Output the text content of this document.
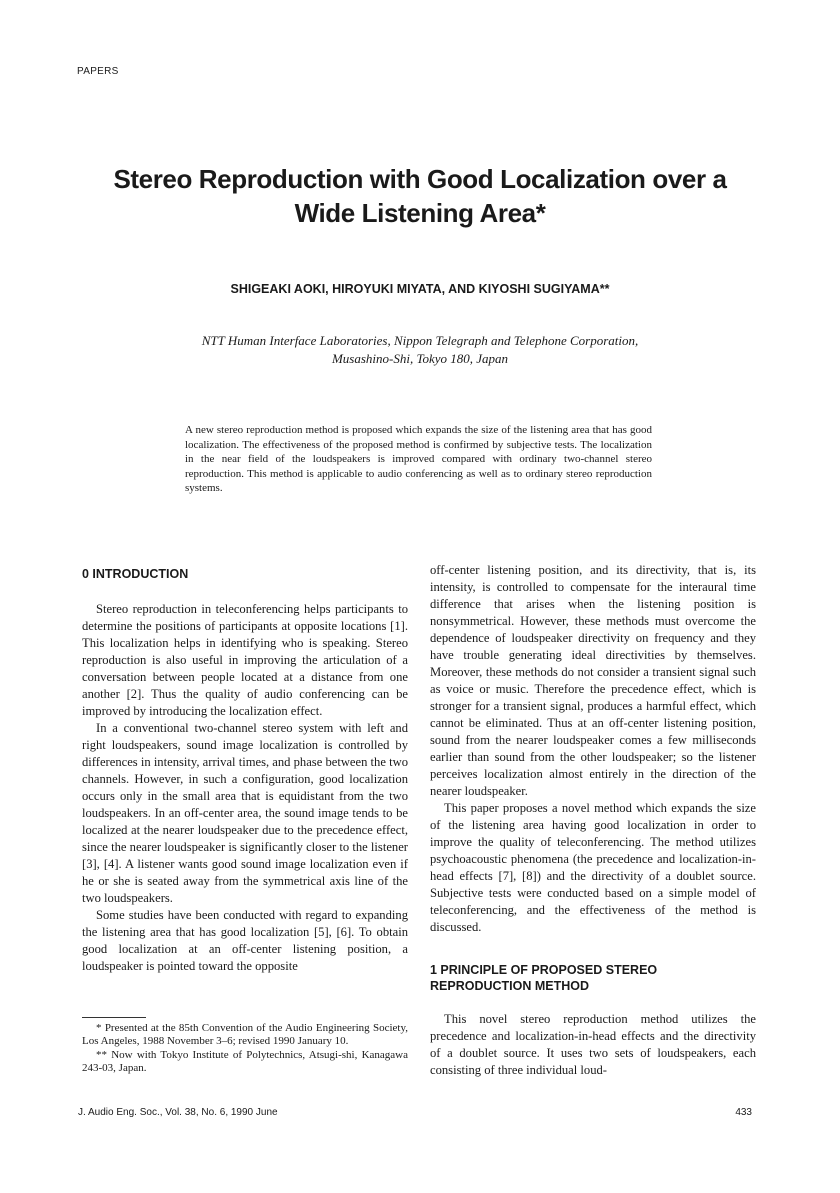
PAPERS
Stereo Reproduction with Good Localization over a Wide Listening Area*
SHIGEAKI AOKI, HIROYUKI MIYATA, AND KIYOSHI SUGIYAMA**
NTT Human Interface Laboratories, Nippon Telegraph and Telephone Corporation,
Musashino-Shi, Tokyo 180, Japan

A new stereo reproduction method is proposed which expands the size of the listening area that has good localization. The effectiveness of the proposed method is confirmed by subjective tests. The localization in the near field of the loudspeakers is improved compared with ordinary two-channel stereo reproduction. This method is applicable to audio conferencing as well as to ordinary stereo reproduction systems.

0 INTRODUCTION

Stereo reproduction in teleconferencing helps participants to determine the positions of participants at opposite locations [1]. This localization helps in identifying who is speaking. Stereo reproduction is also useful in improving the articulation of a conversation between people located at a distance from one another [2]. Thus the quality of audio conferencing can be improved by introducing the localization effect.

In a conventional two-channel stereo system with left and right loudspeakers, sound image localization is controlled by differences in intensity, arrival times, and phase between the two channels. However, in such a configuration, good localization occurs only in the small area that is equidistant from the two loudspeakers. In an off-center area, the sound image tends to be localized at the nearer loudspeaker due to the precedence effect, since the nearer loudspeaker is significantly closer to the listener [3], [4]. A listener wants good sound image localization even if he or she is seated away from the symmetrical axis line of the two loudspeakers.

Some studies have been conducted with regard to expanding the listening area that has good localization [5], [6]. To obtain good localization at an off-center listening position, a loudspeaker is pointed toward the opposite

* Presented at the 85th Convention of the Audio Engineering Society, Los Angeles, 1988 November 3–6; revised 1990 January 10.

** Now with Tokyo Institute of Polytechnics, Atsugi-shi, Kanagawa 243-03, Japan.

off-center listening position, and its directivity, that is, its intensity, is controlled to compensate for the interaural time difference that arises when the listening position is nonsymmetrical. However, these methods must overcome the dependence of loudspeaker directivity on frequency and they have trouble generating ideal directivities by themselves. Moreover, these methods do not consider a transient signal such as voice or music. Therefore the precedence effect, which is stronger for a transient signal, produces a harmful effect, which cannot be eliminated. Thus at an off-center listening position, sound from the nearer loudspeaker comes a few milliseconds earlier than sound from the other loudspeaker; so the listener perceives localization almost entirely in the direction of the nearer loudspeaker.

This paper proposes a novel method which expands the size of the listening area having good localization in order to improve the quality of teleconferencing. The method utilizes psychoacoustic phenomena (the precedence and localization-in-head effects [7], [8]) and the directivity of a doublet source. Subjective tests were conducted based on a simple model of teleconferencing, and the effectiveness of the method is discussed.

1 PRINCIPLE OF PROPOSED STEREO REPRODUCTION METHOD

This novel stereo reproduction method utilizes the precedence and localization-in-head effects and the directivity of a doublet source. It uses two sets of loudspeakers, each consisting of three individual loud-

J. Audio Eng. Soc., Vol. 38, No. 6, 1990 June	433
